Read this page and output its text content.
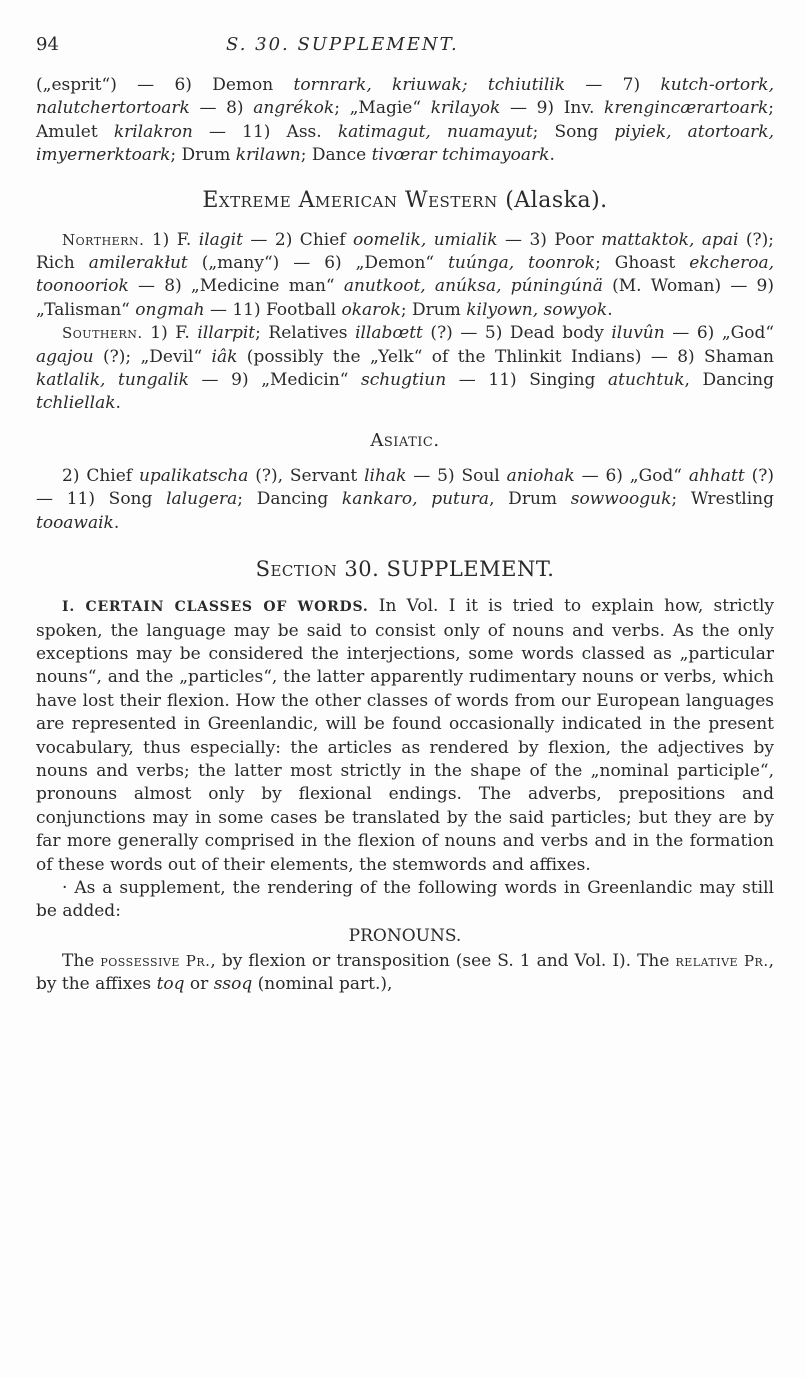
94	S. 30. SUPPLEMENT.

(„esprit“) — 6) Demon tornrark, kriuwak; tchiutilik — 7) kutch-ortork, nalutchertortoark — 8) angrékok; „Magie“ krilayok — 9) Inv. krengincærartoark; Amulet krilakron — 11) Ass. katimagut, nuamayut; Song piyiek, atortoark, imyernerktoark; Drum krilawn; Dance tivœrar tchimayoark.

Extreme American Western (Alaska).

Northern. 1) F. ilagit — 2) Chief oomelik, umialik — 3) Poor mattaktok, apai (?); Rich amilerakłut („many“) — 6) „Demon“ tuúnga, toonrok; Ghoast ekcheroa, toonooriok — 8) „Medicine man“ anutkoot, anúksa, púningúnä (M. Woman) — 9) „Talisman“ ongmah — 11) Football okarok; Drum kilyown, sowyok.

Southern. 1) F. illarpit; Relatives illabœtt (?) — 5) Dead body iluvûn — 6) „God“ agajou (?); „Devil“ iâk (possibly the „Yelk“ of the Thlinkit Indians) — 8) Shaman katlalik, tungalik — 9) „Medicin“ schugtiun — 11) Singing atuchtuk, Dancing tchliellak.

Asiatic.

2) Chief upalikatscha (?), Servant lihak — 5) Soul aniohak — 6) „God“ ahhatt (?) — 11) Song lalugera; Dancing kankaro, putura, Drum sowwooguk; Wrestling tooawaik.

Section 30. SUPPLEMENT.

I. CERTAIN CLASSES OF WORDS. In Vol. I it is tried to explain how, strictly spoken, the language may be said to consist only of nouns and verbs. As the only exceptions may be considered the interjections, some words classed as „particular nouns“, and the „particles“, the latter apparently rudimentary nouns or verbs, which have lost their flexion. How the other classes of words from our European languages are represented in Greenlandic, will be found occasionally indicated in the present vocabulary, thus especially: the articles as rendered by flexion, the adjectives by nouns and verbs; the latter most strictly in the shape of the „nominal participle“, pronouns almost only by flexional endings. The adverbs, prepositions and conjunctions may in some cases be translated by the said particles; but they are by far more generally comprised in the flexion of nouns and verbs and in the formation of these words out of their elements, the stemwords and affixes.

· As a supplement, the rendering of the following words in Greenlandic may still be added:

PRONOUNS.

The possessive Pr., by flexion or transposition (see S. 1 and Vol. I). The relative Pr., by the affixes toq or ssoq (nominal part.),
